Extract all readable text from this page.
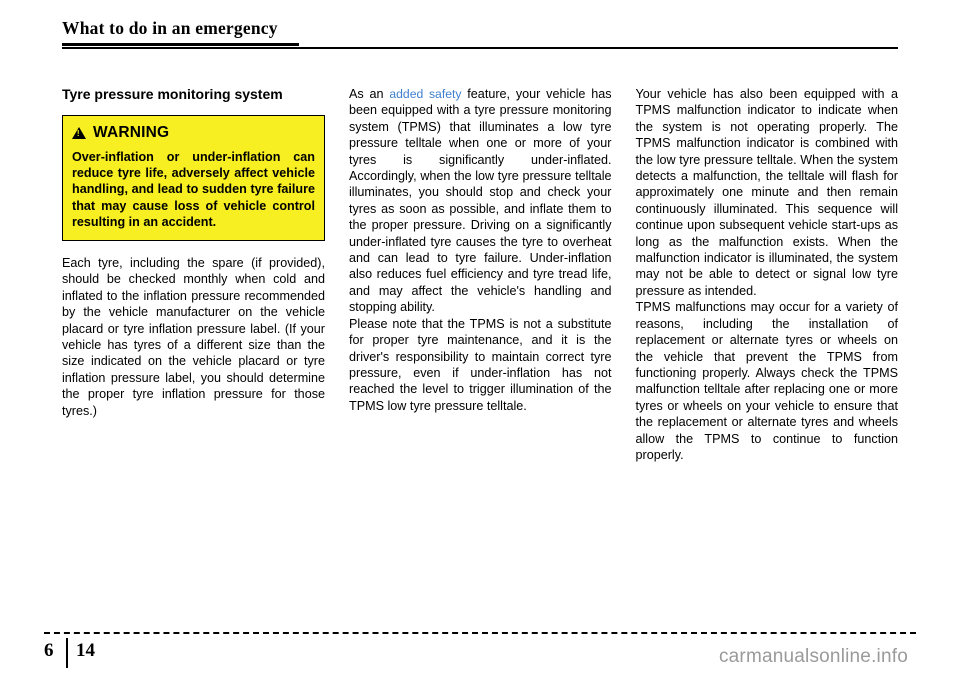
What to do in an emergency
Tyre pressure monitoring system
!
WARNING
Over-inflation or under-inflation can reduce tyre life, adversely affect vehicle handling, and lead to sudden tyre failure that may cause loss of vehicle control resulting in an accident.
Each tyre, including the spare (if provided), should be checked monthly when cold and inflated to the inflation pressure recommended by the vehicle manufacturer on the vehicle placard or tyre inflation pressure label. (If your vehicle has tyres of a different size than the size indicated on the vehicle placard or tyre inflation pressure label, you should determine the proper tyre inflation pressure for those tyres.)
As an added safety feature, your vehicle has been equipped with a tyre pressure monitoring system (TPMS) that illuminates a low tyre pressure telltale when one or more of your tyres is significantly under-inflated. Accordingly, when the low tyre pressure telltale illuminates, you should stop and check your tyres as soon as possible, and inflate them to the proper pressure. Driving on a significantly under-inflated tyre causes the tyre to overheat and can lead to tyre failure. Under-inflation also reduces fuel efficiency and tyre tread life, and may affect the vehicle's handling and stopping ability.
Please note that the TPMS is not a substitute for proper tyre maintenance, and it is the driver's responsibility to maintain correct tyre pressure, even if under-inflation has not reached the level to trigger illumination of the TPMS low tyre pressure telltale.
Your vehicle has also been equipped with a TPMS malfunction indicator to indicate when the system is not operating properly. The TPMS malfunction indicator is combined with the low tyre pressure telltale. When the system detects a malfunction, the telltale will flash for approximately one minute and then remain continuously illuminated. This sequence will continue upon subsequent vehicle start-ups as long as the malfunction exists. When the malfunction indicator is illuminated, the system may not be able to detect or signal low tyre pressure as intended.
TPMS malfunctions may occur for a variety of reasons, including the installation of replacement or alternate tyres or wheels on the vehicle that prevent the TPMS from functioning properly. Always check the TPMS malfunction telltale after replacing one or more tyres or wheels on your vehicle to ensure that the replacement or alternate tyres and wheels allow the TPMS to continue to function properly.
6 14	carmanualsonline.info
